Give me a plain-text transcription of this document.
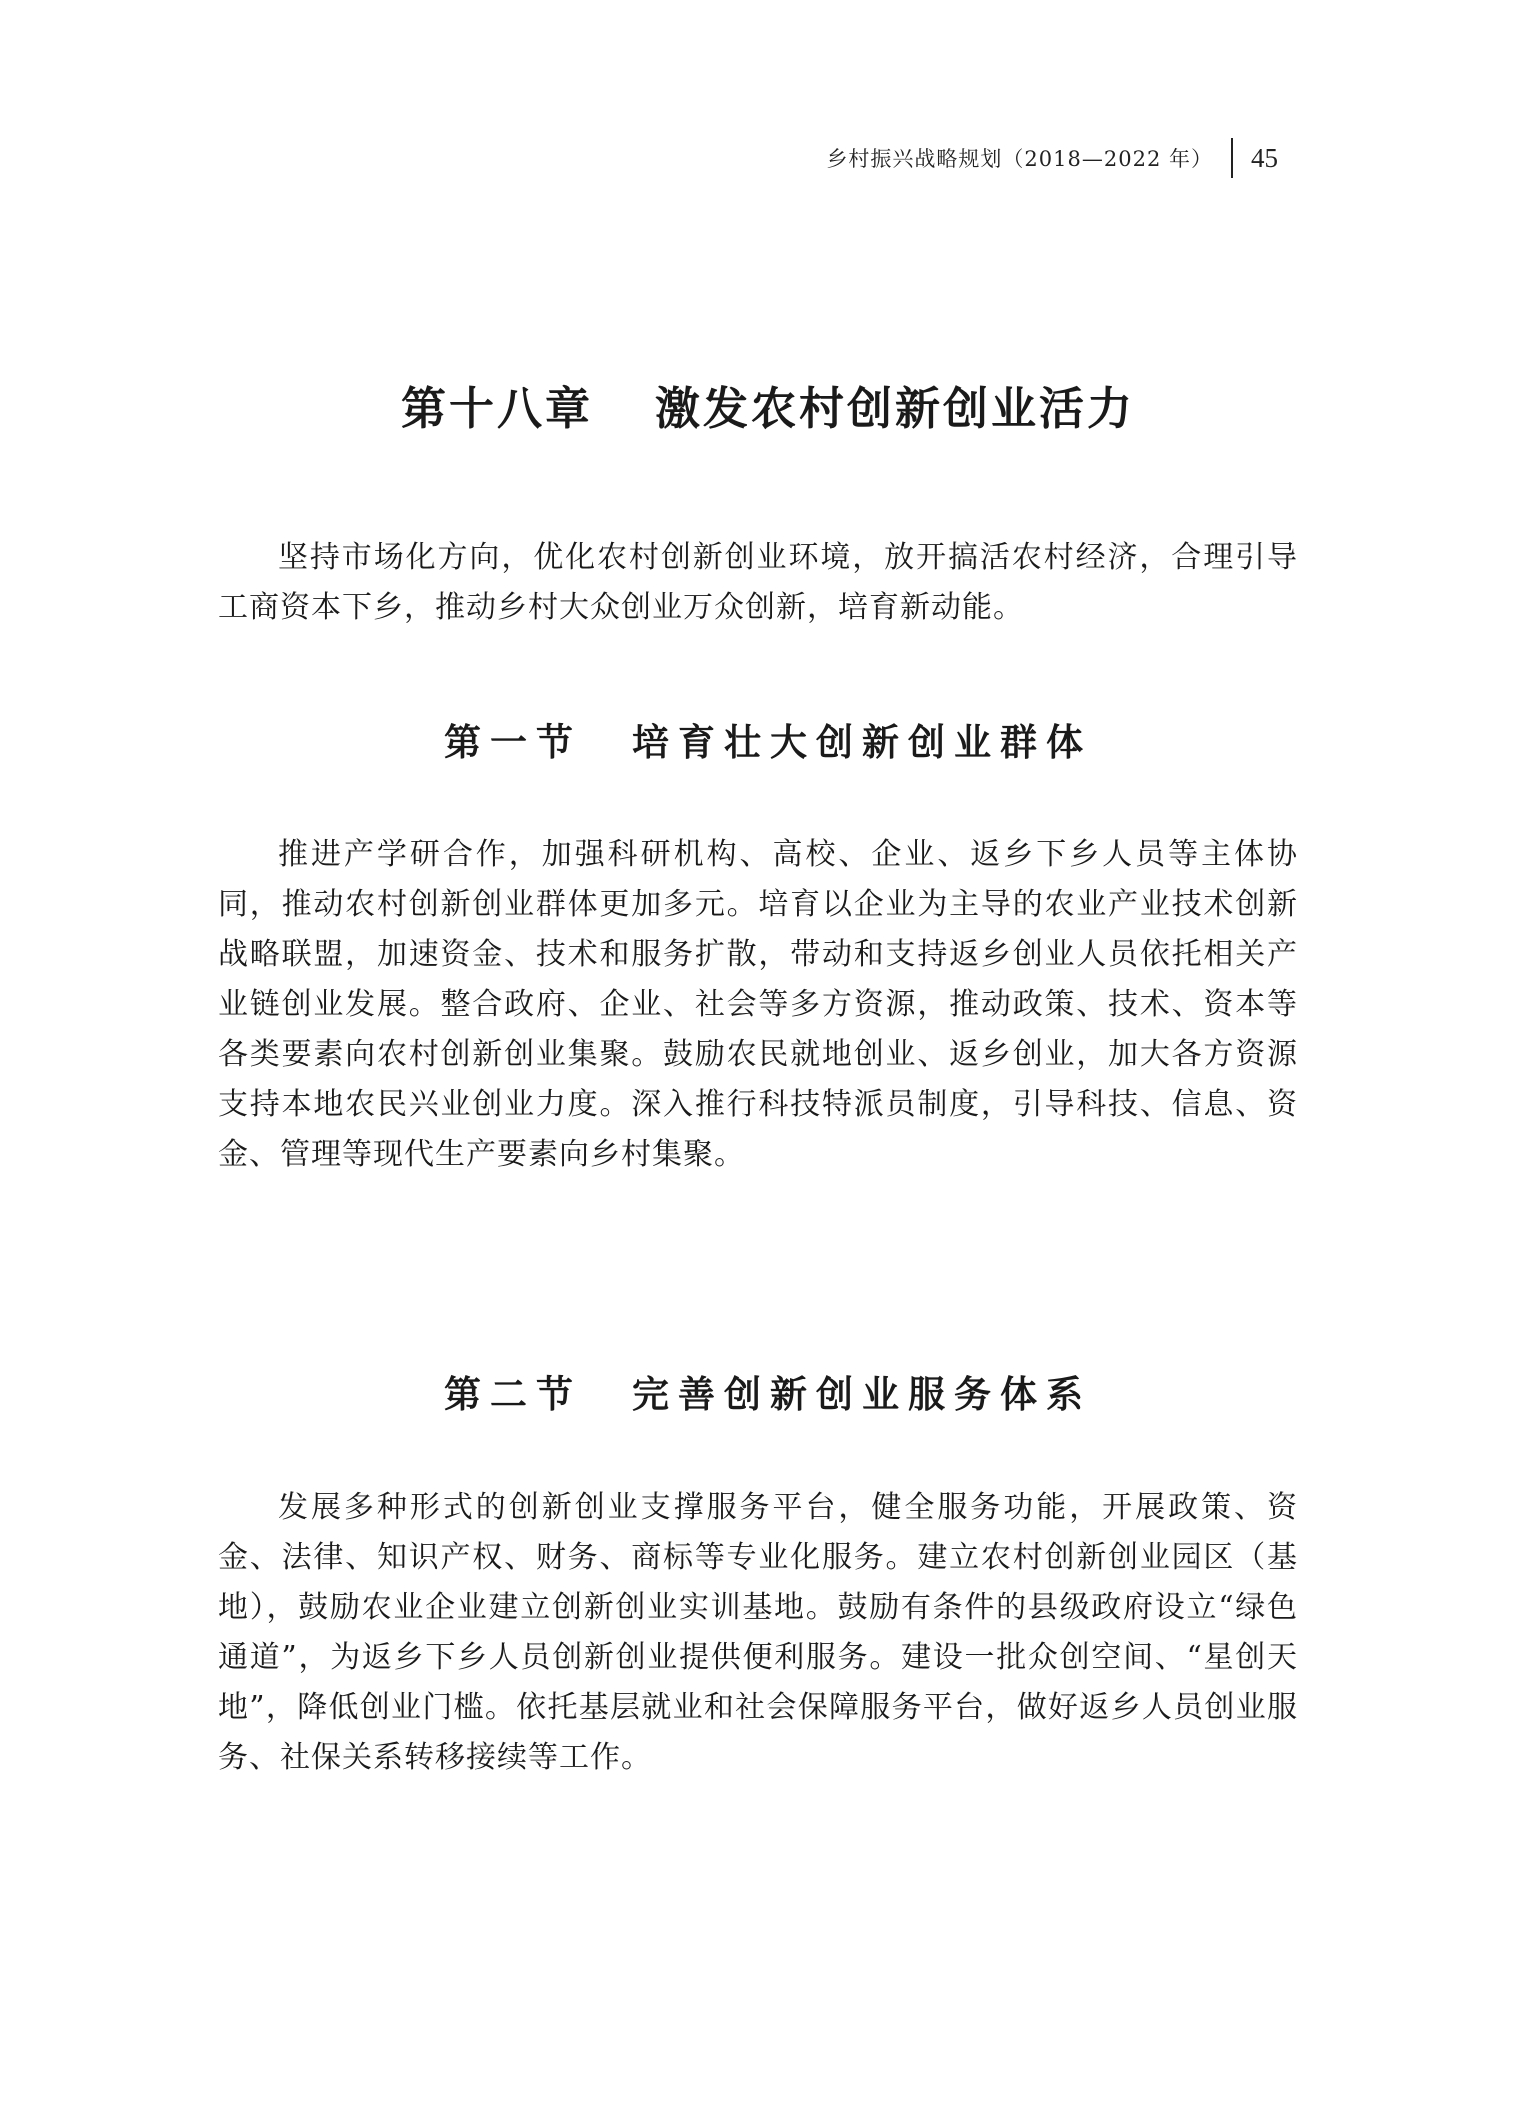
乡村振兴战略规划（2018—2022 年） 45
第十八章 激发农村创新创业活力

坚持市场化方向，优化农村创新创业环境，放开搞活农村经济，合理引导工商资本下乡，推动乡村大众创业万众创新，培育新动能。

第一节 培育壮大创新创业群体

推进产学研合作，加强科研机构、高校、企业、返乡下乡人员等主体协同，推动农村创新创业群体更加多元。培育以企业为主导的农业产业技术创新战略联盟，加速资金、技术和服务扩散，带动和支持返乡创业人员依托相关产业链创业发展。整合政府、企业、社会等多方资源，推动政策、技术、资本等各类要素向农村创新创业集聚。鼓励农民就地创业、返乡创业，加大各方资源支持本地农民兴业创业力度。深入推行科技特派员制度，引导科技、信息、资金、管理等现代生产要素向乡村集聚。

第二节 完善创新创业服务体系

发展多种形式的创新创业支撑服务平台，健全服务功能，开展政策、资金、法律、知识产权、财务、商标等专业化服务。建立农村创新创业园区（基地），鼓励农业企业建立创新创业实训基地。鼓励有条件的县级政府设立“绿色通道”，为返乡下乡人员创新创业提供便利服务。建设一批众创空间、“星创天地”，降低创业门槛。依托基层就业和社会保障服务平台，做好返乡人员创业服务、社保关系转移接续等工作。
